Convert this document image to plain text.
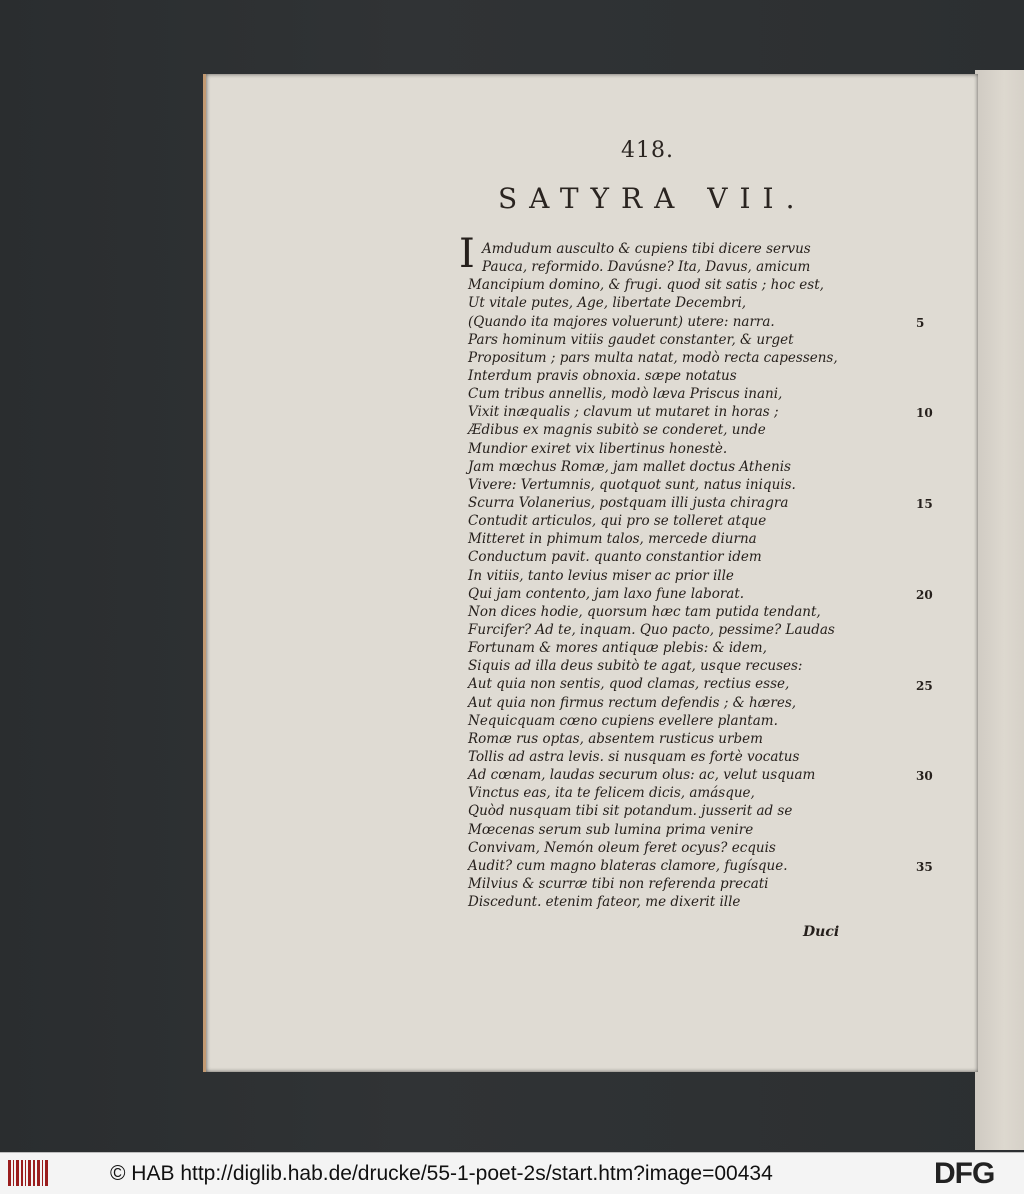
418.
SATYRA VII.
I Amdudum ausculto & cupiens tibi dicere servus
Pauca, reformido. Davúsne? Ita, Davus, amicum
Mancipium domino, & frugi. quod sit satis ; hoc est,
Ut vitale putes, Age, libertate Decembri,
(Quando ita majores voluerunt) utere: narra.
Pars hominum vitiis gaudet constanter, & urget
Propositum ; pars multa natat, modò recta capessens,
Interdum pravis obnoxia. sæpe notatus
Cum tribus annellis, modò læva Priscus inani,
Vixit inæqualis ; clavum ut mutaret in horas ;
Ædibus ex magnis subitò se conderet, unde
Mundior exiret vix libertinus honestè.
Jam mœchus Romæ, jam mallet doctus Athenis
Vivere: Vertumnis, quotquot sunt, natus iniquis.
Scurra Volanerius, postquam illi justa chiragra
Contudit articulos, qui pro se tolleret atque
Mitteret in phimum talos, mercede diurna
Conductum pavit. quanto constantior idem
In vitiis, tanto levius miser ac prior ille
Qui jam contento, jam laxo fune laborat.
Non dices hodie, quorsum hæc tam putida tendant,
Furcifer? Ad te, inquam. Quo pacto, pessime? Laudas
Fortunam & mores antiquæ plebis: & idem,
Siquis ad illa deus subitò te agat, usque recuses:
Aut quia non sentis, quod clamas, rectius esse,
Aut quia non firmus rectum defendis ; & hæres,
Nequicquam cœno cupiens evellere plantam.
Romæ rus optas, absentem rusticus urbem
Tollis ad astra levis. si nusquam es fortè vocatus
Ad cœnam, laudas securum olus: ac, velut usquam
Vinctus eas, ita te felicem dicis, amásque,
Quòd nusquam tibi sit potandum. jusserit ad se
Mœcenas serum sub lumina prima venire
Convivam, Nemón oleum feret ocyus? ecquis
Audit? cum magno blateras clamore, fugísque.
Milvius & scurræ tibi non referenda precati
Discedunt. etenim fateor, me dixerit ille
5
10
15
20
25
30
35
Duci
© HAB http://diglib.hab.de/drucke/55-1-poet-2s/start.htm?image=00434	DFG
